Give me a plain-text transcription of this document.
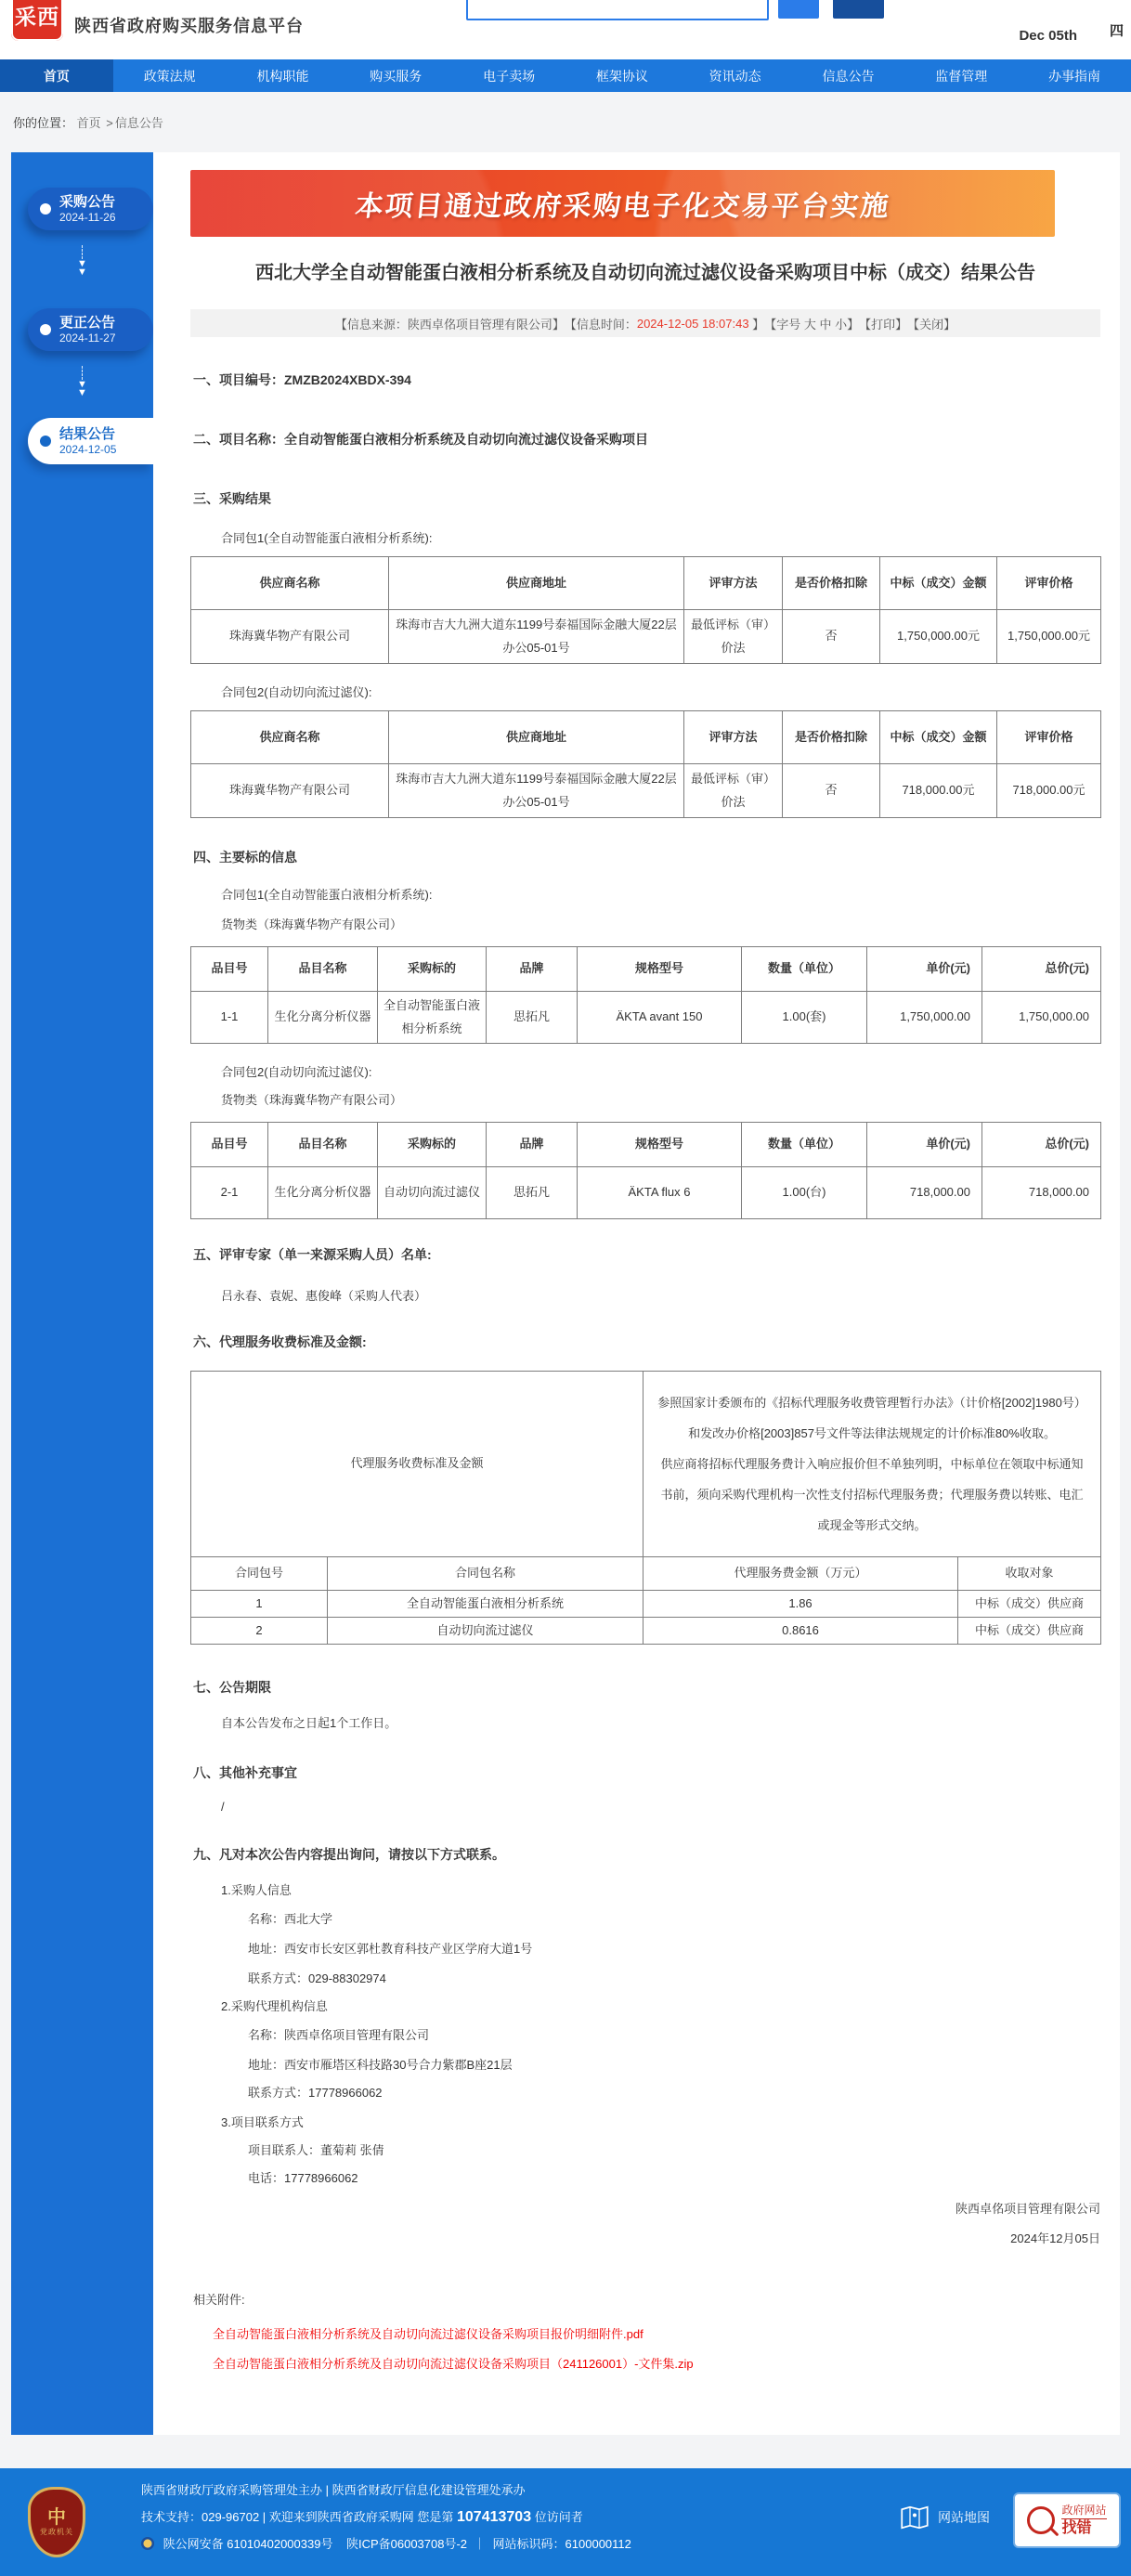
采西 陕西省政府购买服务信息平台
Dec 05th 四
首页	政策法规	机构职能	购买服务	电子卖场	框架协议	资讯动态	信息公告	监督管理	办事指南
你的位置： 首页 > 信息公告
采购公告
2024-11-26
▼
▼
更正公告
2024-11-27
▼
▼
结果公告
2024-12-05
本项目通过政府采购电子化交易平台实施
西北大学全自动智能蛋白液相分析系统及自动切向流过滤仪设备采购项目中标（成交）结果公告
【信息来源：陕西卓佲项目管理有限公司】 【信息时间： 2024-12-05 18:07:43 】 【字号
大
中
小 】 【打印】 【关闭】
一、项目编号：ZMZB2024XBDX-394
二、项目名称：全自动智能蛋白液相分析系统及自动切向流过滤仪设备采购项目
三、采购结果
合同包1(全自动智能蛋白液相分析系统):
供应商名称	供应商地址	评审方法	是否价格扣除	中标（成交）金额	评审价格
珠海冀华物产有限公司	珠海市吉大九洲大道东1199号泰福国际金融大厦22层办公05-01号	最低评标（审）价法	否	1,750,000.00元	1,750,000.00元
合同包2(自动切向流过滤仪):
供应商名称	供应商地址	评审方法	是否价格扣除	中标（成交）金额	评审价格
珠海冀华物产有限公司	珠海市吉大九洲大道东1199号泰福国际金融大厦22层办公05-01号	最低评标（审）价法	否	718,000.00元	718,000.00元
四、主要标的信息
合同包1(全自动智能蛋白液相分析系统):
货物类（珠海冀华物产有限公司）
品目号	品目名称	采购标的	品牌	规格型号	数量（单位）	单价(元)	总价(元)
1-1	生化分离分析仪器	全自动智能蛋白液相分析系统	思拓凡	ÄKTA avant 150	1.00(套)	1,750,000.00	1,750,000.00
合同包2(自动切向流过滤仪):
货物类（珠海冀华物产有限公司）
品目号	品目名称	采购标的	品牌	规格型号	数量（单位）	单价(元)	总价(元)
2-1	生化分离分析仪器	自动切向流过滤仪	思拓凡	ÄKTA flux 6	1.00(台)	718,000.00	718,000.00
五、评审专家（单一来源采购人员）名单:
吕永春、袁妮、惠俊峰（采购人代表）
六、代理服务收费标准及金额:
代理服务收费标准及金额		参照国家计委颁布的《招标代理服务收费管理暂行办法》（计价格[2002]1980号）和发改办价格[2003]857号文件等法律法规规定的计价标准80%收取。

供应商将招标代理服务费计入响应报价但不单独列明，中标单位在领取中标通知书前，须向采购代理机构一次性支付招标代理服务费；代理服务费以转账、电汇或现金等形式交纳。	

合同包号	合同包名称	代理服务费金额（万元）	收取对象
1	全自动智能蛋白液相分析系统	1.86	中标（成交）供应商
2	自动切向流过滤仪	0.8616	中标（成交）供应商
七、公告期限
自本公告发布之日起1个工作日。
八、其他补充事宜
/
九、凡对本次公告内容提出询问，请按以下方式联系。
1.采购人信息
名称：西北大学
地址：西安市长安区郭杜教育科技产业区学府大道1号
联系方式：029-88302974
2.采购代理机构信息
名称：陕西卓佲项目管理有限公司
地址：西安市雁塔区科技路30号合力紫郡B座21层
联系方式：17778966062
3.项目联系方式
项目联系人：董菊莉 张倩
电话：17778966062
陕西卓佲项目管理有限公司
2024年12月05日
相关附件:
全自动智能蛋白液相分析系统及自动切向流过滤仪设备采购项目报价明细附件.pdf
全自动智能蛋白液相分析系统及自动切向流过滤仪设备采购项目（241126001）-文件集.zip
中
党政机关
陕西省财政厅政府采购管理处主办 | 陕西省财政厅信息化建设管理处承办
技术支持：029-96702 | 欢迎来到陕西省政府采购网 您是第 107413703 位访问者
陕公网安备 61010402000339号 陕ICP备06003708号-2 ｜ 网站标识码：6100000112
网站地图	政府网站
找错
